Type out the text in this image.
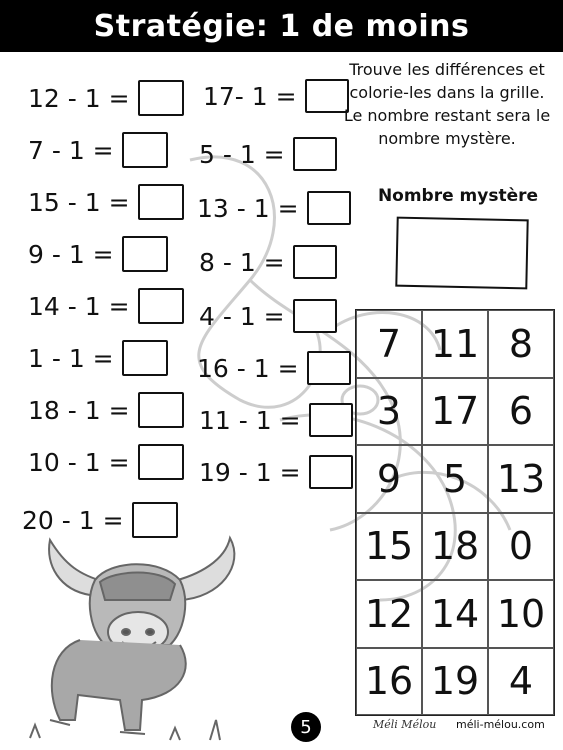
Stratégie: 1 de moins
12 - 1 =
7 - 1 =
15 - 1 =
9 - 1 =
14 - 1 =
1 - 1 =
18 - 1 =
10 - 1 =
20 - 1 =
17- 1 =
5 - 1 =
13 - 1 =
8 - 1 =
4 - 1 =
16 - 1 =
11 - 1 =
19 - 1 =
Trouve les différences et colorie-les dans la grille. Le nombre restant sera le nombre mystère.
Nombre mystère
7 11 8
3 17 6
9	5 13
15 18 0
12 14 10
16 19 4
5	Méli Mélou méli-mélou.com
